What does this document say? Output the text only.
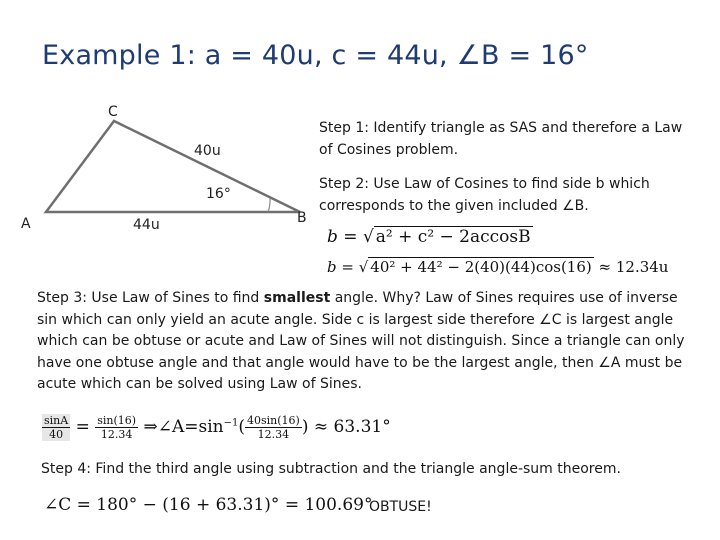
Example 1: a = 40u, c = 44u, ∠B = 16°
C
A	B
40u
44u
16°
Step 1: Identify triangle as SAS and therefore a Law of Cosines problem.
Step 2: Use Law of Cosines to find side b which corresponds to the given included ∠B.
b = √ a² + c² − 2accosB
b = √ 40² + 44² − 2(40)(44)cos(16) ≈ 12.34u
Step 3: Use Law of Sines to find smallest angle. Why? Law of Sines requires use of inverse sin which can only yield an acute angle. Side c is largest side therefore ∠C is largest angle which can be obtuse or acute and Law of Sines will not distinguish. Since a triangle can only have one obtuse angle and that angle would have to be the largest angle, then ∠A must be acute which can be solved using Law of Sines.
$\frac{\sin A}{40} = \frac{\sin(16)}{12.34}$ $\Rightarrow\angle A=\sin^{-1}( \frac{40\sin(16)}{12.34}$ ) ≈ 63.31°
Step 4: Find the third angle using subtraction and the triangle angle-sum theorem.
∠C = 180° − (16 + 63.31)° = 100.69°
OBTUSE!
